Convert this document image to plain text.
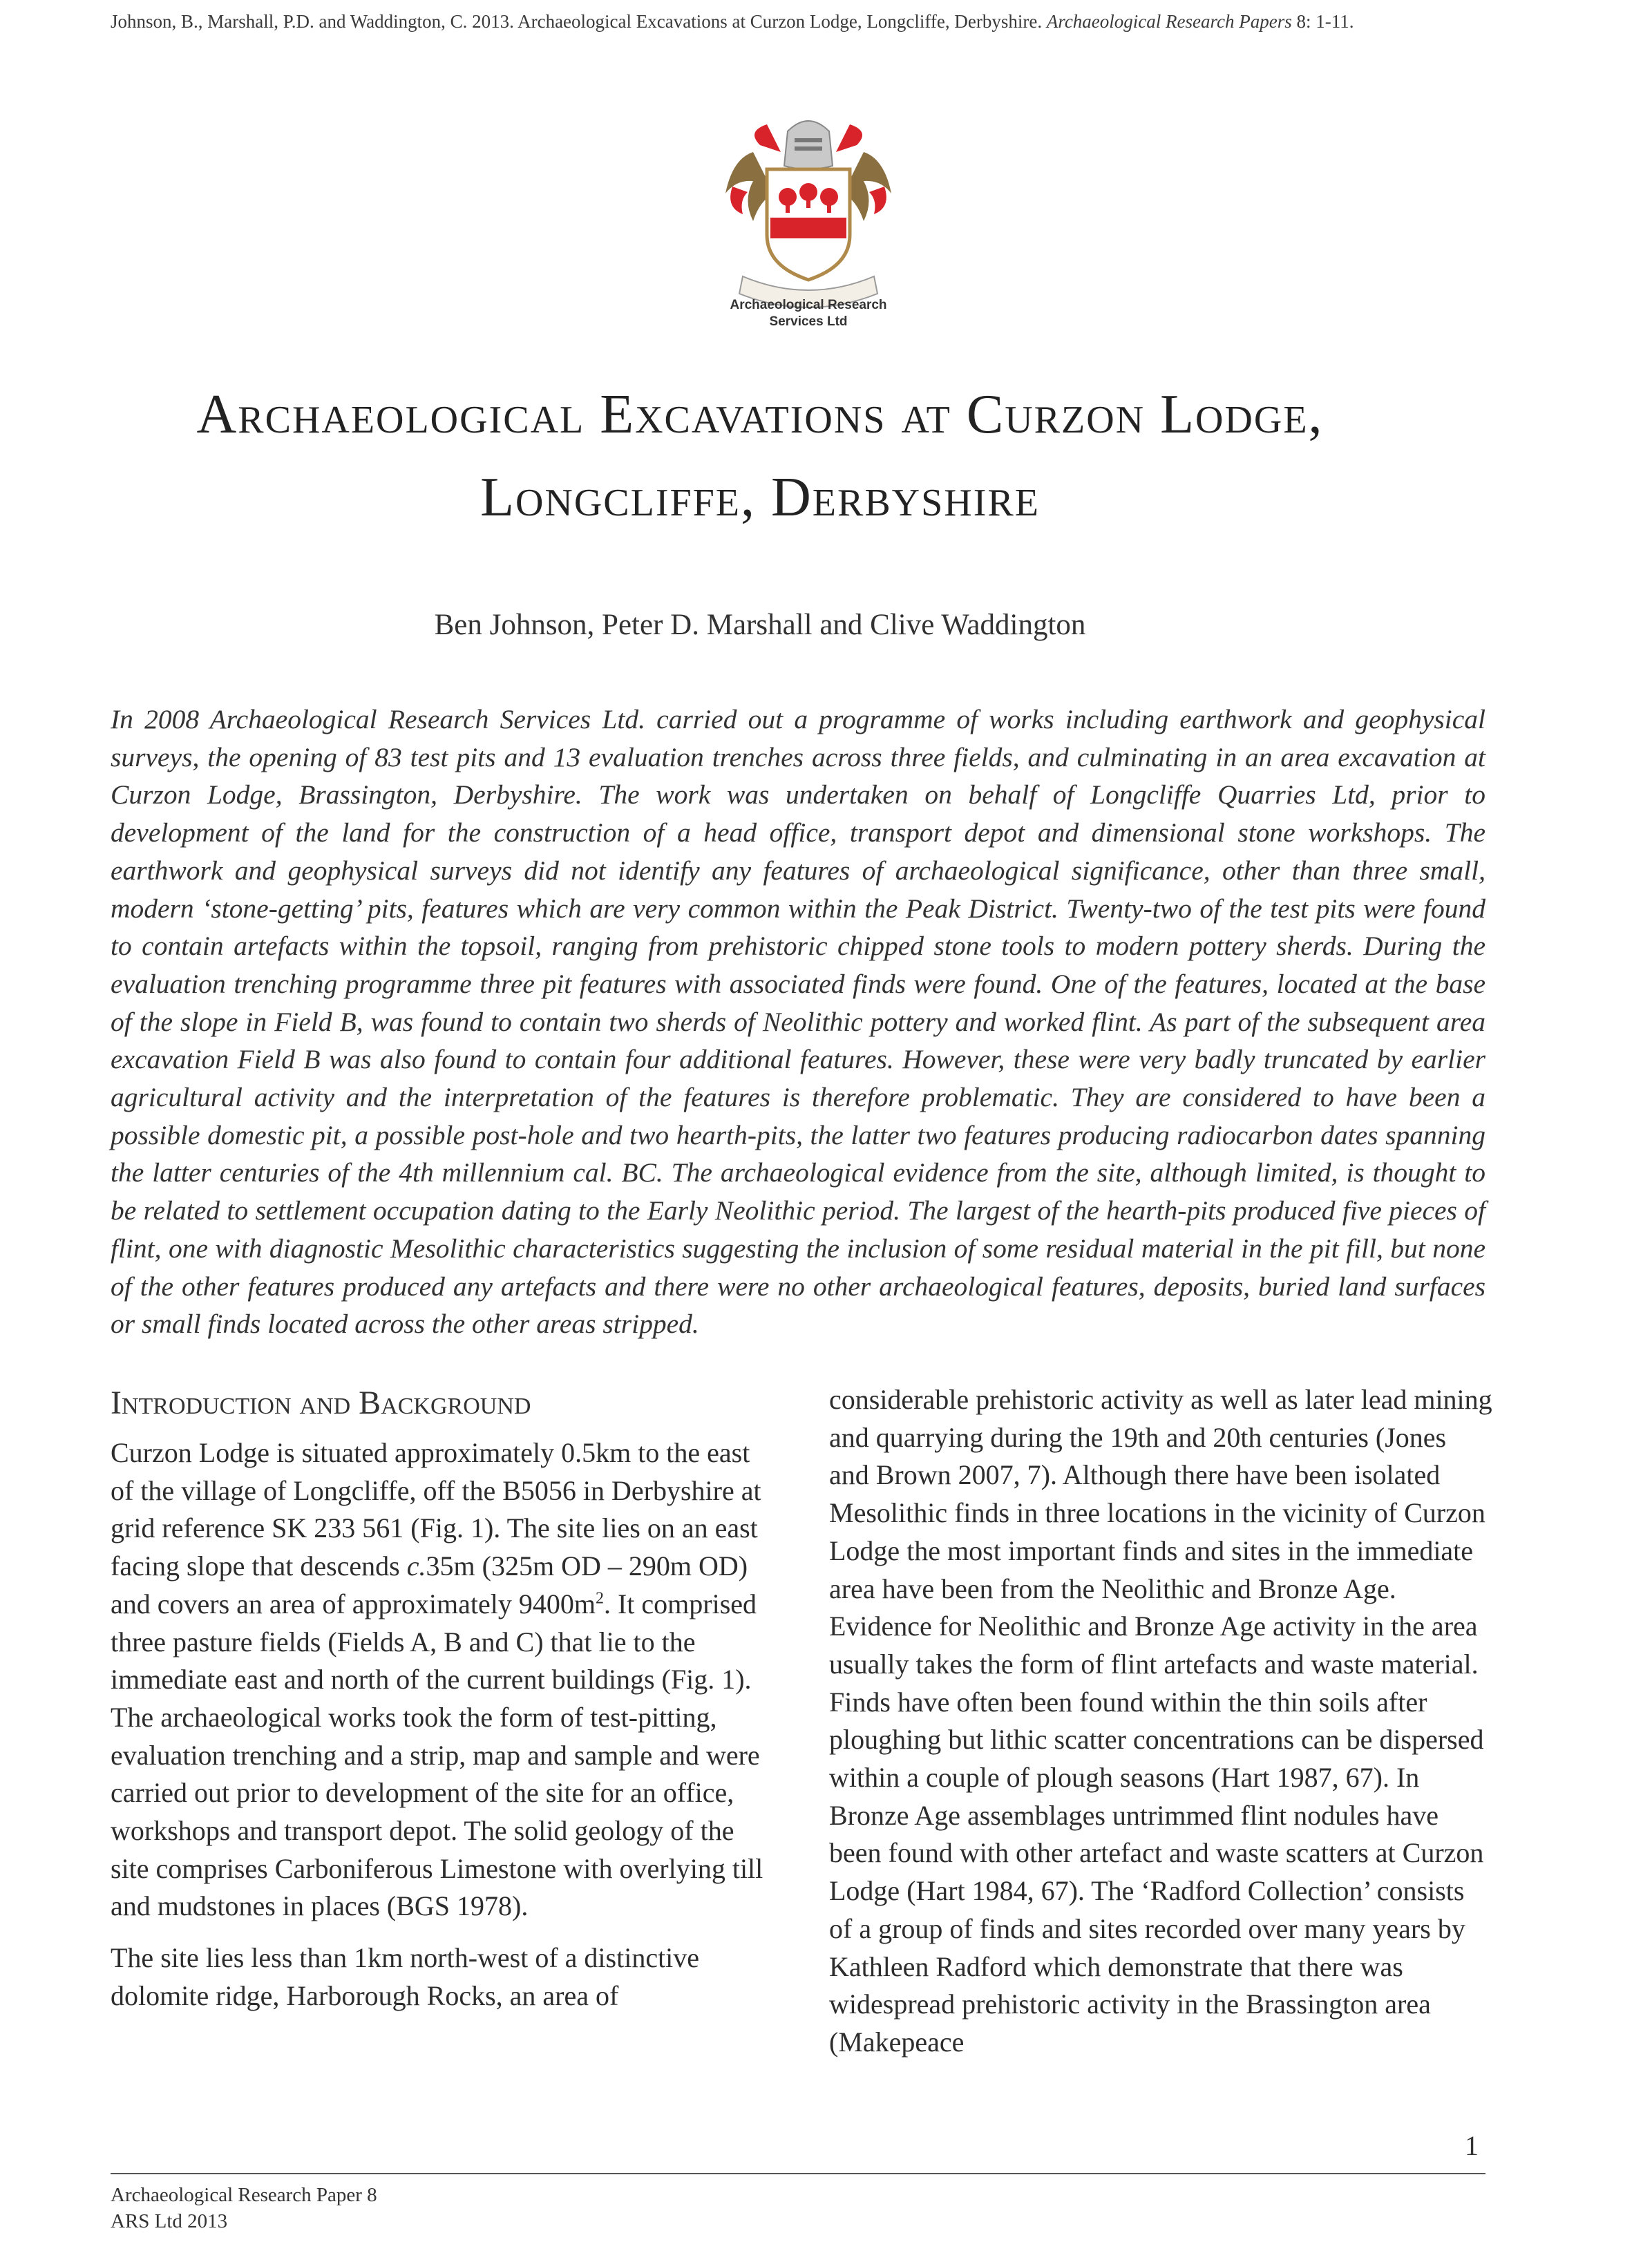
Johnson, B., Marshall, P.D. and Waddington, C. 2013. Archaeological Excavations at Curzon Lodge, Longcliffe, Derbyshire. Archaeological Research Papers 8: 1-11.
Archaeological Research
Services Ltd
Archaeological Excavations at Curzon Lodge,
Longcliffe, Derbyshire
Ben Johnson, Peter D. Marshall and Clive Waddington

In 2008 Archaeological Research Services Ltd. carried out a programme of works including earthwork and geophysical surveys, the opening of 83 test pits and 13 evaluation trenches across three fields, and culminating in an area excavation at Curzon Lodge, Brassington, Derbyshire. The work was undertaken on behalf of Longcliffe Quarries Ltd, prior to development of the land for the construction of a head office, transport depot and dimensional stone workshops. The earthwork and geophysical surveys did not identify any features of archaeological significance, other than three small, modern ‘stone-getting’ pits, features which are very common within the Peak District. Twenty-two of the test pits were found to contain artefacts within the topsoil, ranging from prehistoric chipped stone tools to modern pottery sherds. During the evaluation trenching programme three pit features with associated finds were found. One of the features, located at the base of the slope in Field B, was found to contain two sherds of Neolithic pottery and worked flint. As part of the subsequent area excavation Field B was also found to contain four additional features. However, these were very badly truncated by earlier agricultural activity and the interpretation of the features is therefore problematic. They are considered to have been a possible domestic pit, a possible post-hole and two hearth-pits, the latter two features producing radiocarbon dates spanning the latter centuries of the 4th millennium cal. BC. The archaeological evidence from the site, although limited, is thought to be related to settlement occupation dating to the Early Neolithic period. The largest of the hearth-pits produced five pieces of flint, one with diagnostic Mesolithic characteristics suggesting the inclusion of some residual material in the pit fill, but none of the other features produced any artefacts and there were no other archaeological features, deposits, buried land surfaces or small finds located across the other areas stripped.

Introduction and Background

Curzon Lodge is situated approximately 0.5km to the east of the village of Longcliffe, off the B5056 in Derbyshire at grid reference SK 233 561 (Fig. 1). The site lies on an east facing slope that descends c.35m (325m OD – 290m OD) and covers an area of approximately $9400m^2$. It comprised three pasture fields (Fields A, B and C) that lie to the immediate east and north of the current buildings (Fig. 1). The archaeological works took the form of test-pitting, evaluation trenching and a strip, map and sample and were carried out prior to development of the site for an office, workshops and transport depot. The solid geology of the site comprises Carboniferous Limestone with overlying till and mudstones in places (BGS 1978).

The site lies less than 1km north-west of a distinctive dolomite ridge, Harborough Rocks, an area of

considerable prehistoric activity as well as later lead mining and quarrying during the 19th and 20th centuries (Jones and Brown 2007, 7). Although there have been isolated Mesolithic finds in three locations in the vicinity of Curzon Lodge the most important finds and sites in the immediate area have been from the Neolithic and Bronze Age. Evidence for Neolithic and Bronze Age activity in the area usually takes the form of flint artefacts and waste material. Finds have often been found within the thin soils after ploughing but lithic scatter concentrations can be dispersed within a couple of plough seasons (Hart 1987, 67). In Bronze Age assemblages untrimmed flint nodules have been found with other artefact and waste scatters at Curzon Lodge (Hart 1984, 67). The ‘Radford Collection’ consists of a group of finds and sites recorded over many years by Kathleen Radford which demonstrate that there was widespread prehistoric activity in the Brassington area (Makepeace

1
Archaeological Research Paper 8
ARS Ltd 2013
